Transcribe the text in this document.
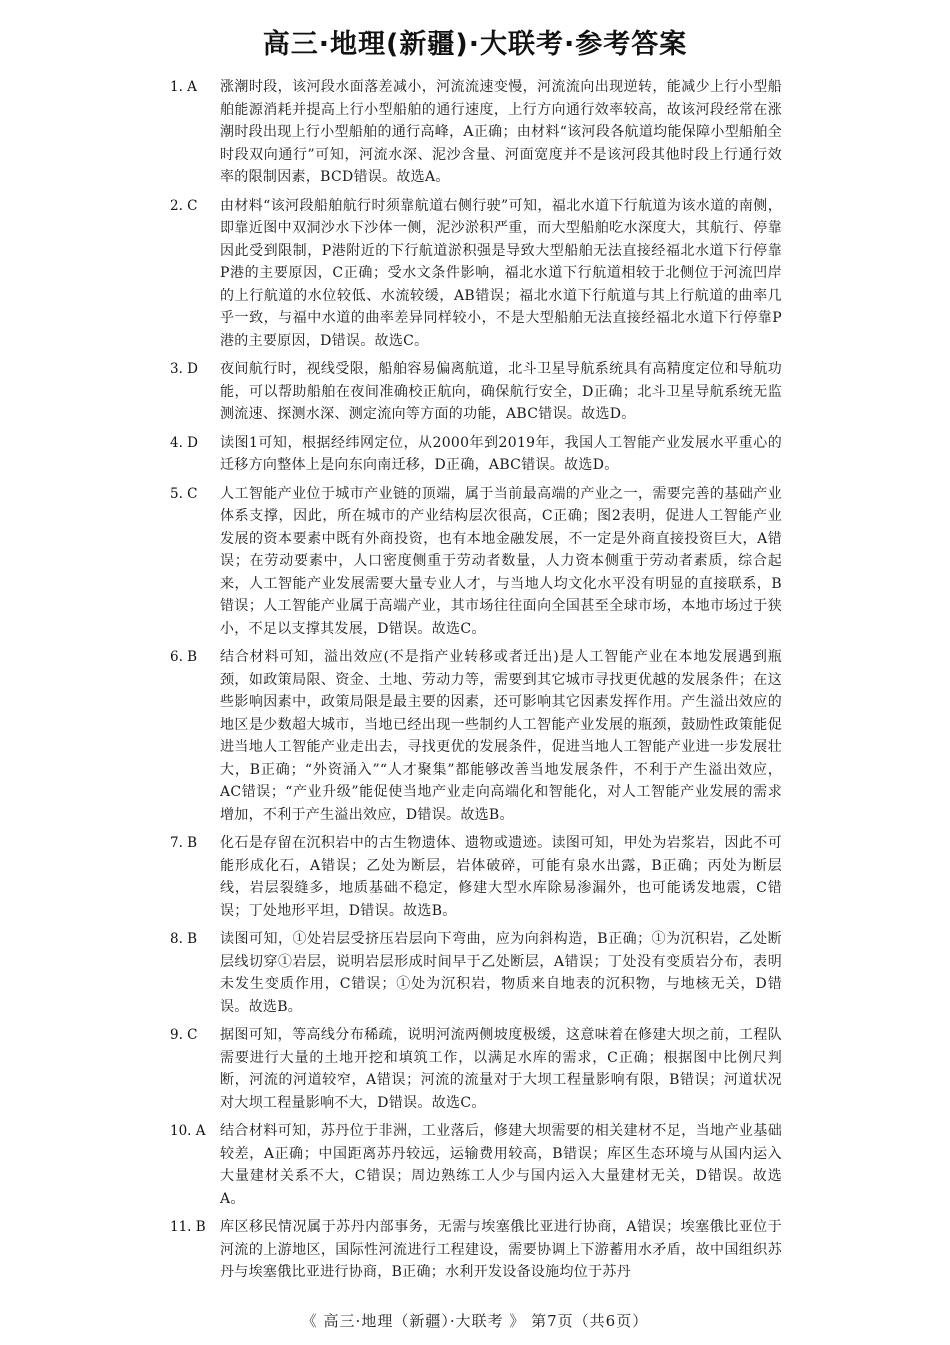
高三·地理(新疆)·大联考·参考答案
1. A	涨潮时段，该河段水面落差减小，河流流速变慢，河流流向出现逆转，能减少上行小型船舶能源消耗并提高上行小型船舶的通行速度，上行方向通行效率较高，故该河段经常在涨潮时段出现上行小型船舶的通行高峰，A正确；由材料“该河段各航道均能保障小型船舶全时段双向通行”可知，河流水深、泥沙含量、河面宽度并不是该河段其他时段上行通行效率的限制因素，BCD错误。故选A。
2. C	由材料“该河段船舶航行时须靠航道右侧行驶”可知，福北水道下行航道为该水道的南侧，即靠近图中双洞沙水下沙体一侧，泥沙淤积严重，而大型船舶吃水深度大，其航行、停靠因此受到限制，P港附近的下行航道淤积强是导致大型船舶无法直接经福北水道下行停靠P港的主要原因，C正确；受水文条件影响，福北水道下行航道相较于北侧位于河流凹岸的上行航道的水位较低、水流较缓，AB错误；福北水道下行航道与其上行航道的曲率几乎一致，与福中水道的曲率差异同样较小，不是大型船舶无法直接经福北水道下行停靠P港的主要原因，D错误。故选C。
3. D	夜间航行时，视线受限，船舶容易偏离航道，北斗卫星导航系统具有高精度定位和导航功能，可以帮助船舶在夜间准确校正航向，确保航行安全，D正确；北斗卫星导航系统无监测流速、探测水深、测定流向等方面的功能，ABC错误。故选D。
4. D	读图1可知，根据经纬网定位，从2000年到2019年，我国人工智能产业发展水平重心的迁移方向整体上是向东向南迁移，D正确，ABC错误。故选D。
5. C	人工智能产业位于城市产业链的顶端，属于当前最高端的产业之一，需要完善的基础产业体系支撑，因此，所在城市的产业结构层次很高，C正确；图2表明，促进人工智能产业发展的资本要素中既有外商投资，也有本地金融发展，不一定是外商直接投资巨大，A错误；在劳动要素中，人口密度侧重于劳动者数量，人力资本侧重于劳动者素质，综合起来，人工智能产业发展需要大量专业人才，与当地人均文化水平没有明显的直接联系，B错误；人工智能产业属于高端产业，其市场往往面向全国甚至全球市场，本地市场过于狭小，不足以支撑其发展，D错误。故选C。
6. B	结合材料可知，溢出效应(不是指产业转移或者迁出)是人工智能产业在本地发展遇到瓶颈，如政策局限、资金、土地、劳动力等，需要到其它城市寻找更优越的发展条件；在这些影响因素中，政策局限是最主要的因素，还可影响其它因素发挥作用。产生溢出效应的地区是少数超大城市，当地已经出现一些制约人工智能产业发展的瓶颈，鼓励性政策能促进当地人工智能产业走出去，寻找更优的发展条件，促进当地人工智能产业进一步发展壮大，B正确；“外资涌入”“人才聚集”都能够改善当地发展条件，不利于产生溢出效应，AC错误；“产业升级”能促使当地产业走向高端化和智能化，对人工智能产业发展的需求增加，不利于产生溢出效应，D错误。故选B。
7. B	化石是存留在沉积岩中的古生物遗体、遗物或遗迹。读图可知，甲处为岩浆岩，因此不可能形成化石，A错误；乙处为断层，岩体破碎，可能有泉水出露，B正确；丙处为断层线，岩层裂缝多，地质基础不稳定，修建大型水库除易渗漏外，也可能诱发地震，C错误；丁处地形平坦，D错误。故选B。
8. B	读图可知，①处岩层受挤压岩层向下弯曲，应为向斜构造，B正确；①为沉积岩，乙处断层线切穿①岩层，说明岩层形成时间早于乙处断层，A错误；丁处没有变质岩分布，表明未发生变质作用，C错误；①处为沉积岩，物质来自地表的沉积物，与地核无关，D错误。故选B。
9. C	据图可知，等高线分布稀疏，说明河流两侧坡度极缓，这意味着在修建大坝之前，工程队需要进行大量的土地开挖和填筑工作，以满足水库的需求，C正确；根据图中比例尺判断，河流的河道较窄，A错误；河流的流量对于大坝工程量影响有限，B错误；河道状况对大坝工程量影响不大，D错误。故选C。
10. A	结合材料可知，苏丹位于非洲，工业落后，修建大坝需要的相关建材不足，当地产业基础较差，A正确；中国距离苏丹较远，运输费用较高，B错误；库区生态环境与从国内运入大量建材关系不大，C错误；周边熟练工人少与国内运入大量建材无关，D错误。故选A。
11. B	库区移民情况属于苏丹内部事务，无需与埃塞俄比亚进行协商，A错误；埃塞俄比亚位于河流的上游地区，国际性河流进行工程建设，需要协调上下游蓄用水矛盾，故中国组织苏丹与埃塞俄比亚进行协商，B正确；水利开发设备设施均位于苏丹
《 高三·地理（新疆）·大联考 》 第7页（共6页）
